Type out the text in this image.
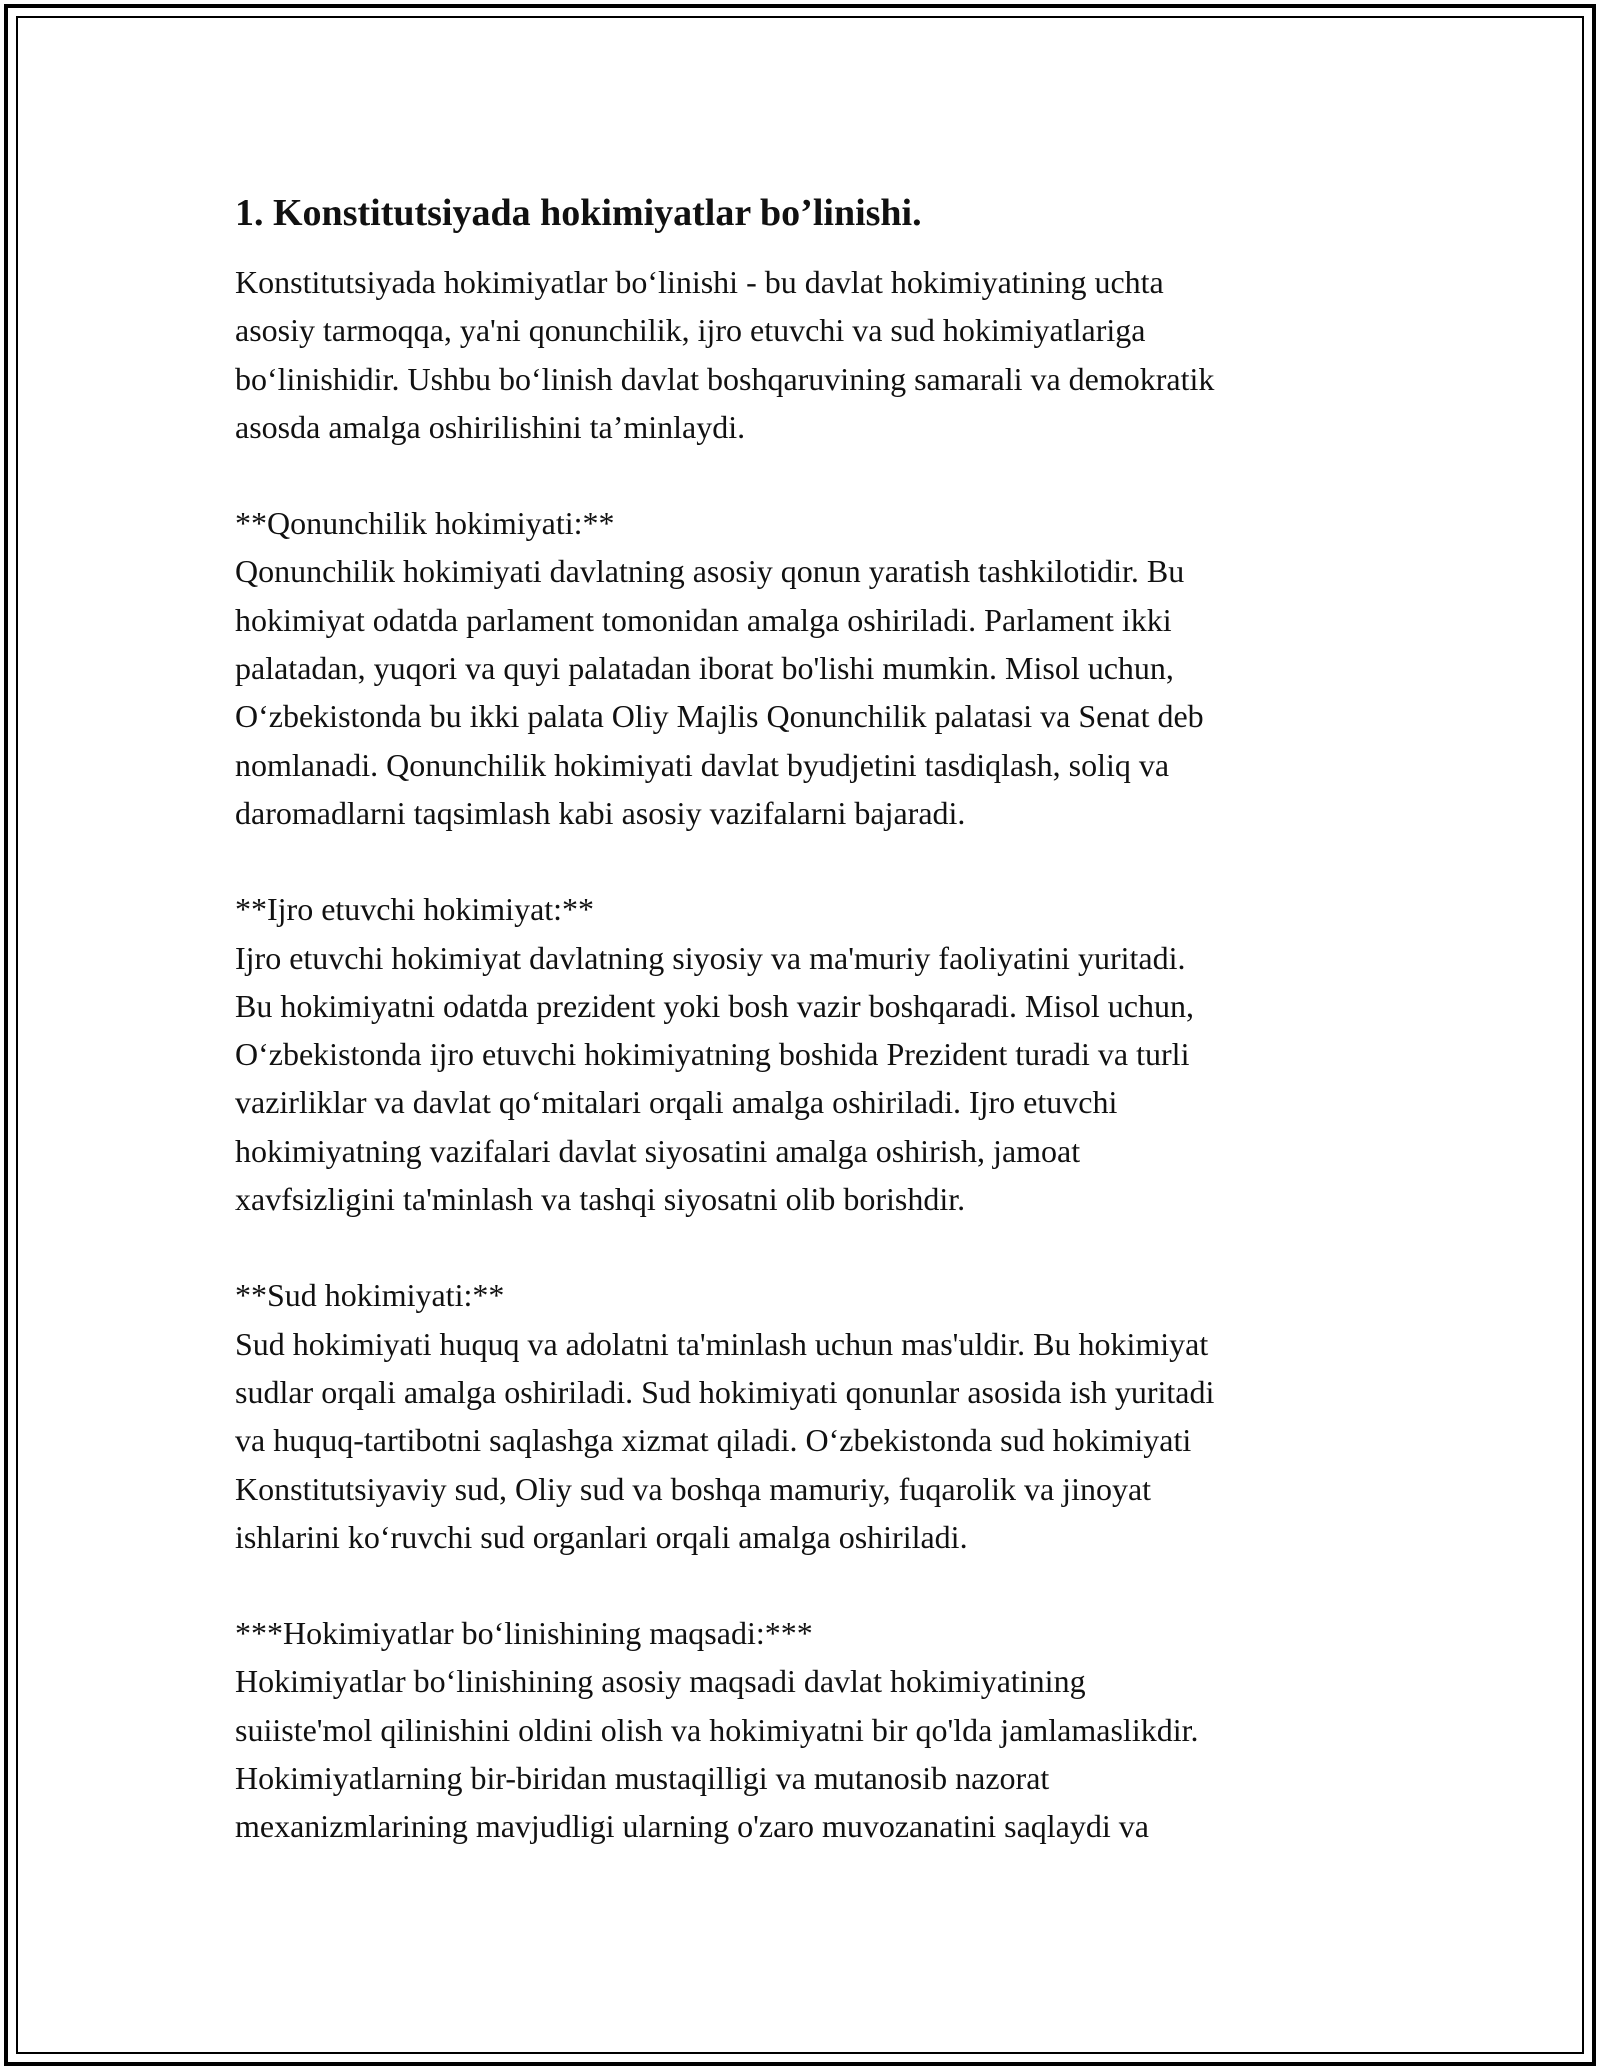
1. Konstitutsiyada hokimiyatlar bo’linishi.
Konstitutsiyada hokimiyatlar bo‘linishi - bu davlat hokimiyatining uchta
asosiy tarmoqqa, ya'ni qonunchilik, ijro etuvchi va sud hokimiyatlariga
bo‘linishidir. Ushbu bo‘linish davlat boshqaruvining samarali va demokratik
asosda amalga oshirilishini ta’minlaydi.
**Qonunchilik hokimiyati:**
Qonunchilik hokimiyati davlatning asosiy qonun yaratish tashkilotidir. Bu
hokimiyat odatda parlament tomonidan amalga oshiriladi. Parlament ikki
palatadan, yuqori va quyi palatadan iborat bo'lishi mumkin. Misol uchun,
O‘zbekistonda bu ikki palata Oliy Majlis Qonunchilik palatasi va Senat deb
nomlanadi. Qonunchilik hokimiyati davlat byudjetini tasdiqlash, soliq va
daromadlarni taqsimlash kabi asosiy vazifalarni bajaradi.
**Ijro etuvchi hokimiyat:**
Ijro etuvchi hokimiyat davlatning siyosiy va ma'muriy faoliyatini yuritadi.
Bu hokimiyatni odatda prezident yoki bosh vazir boshqaradi. Misol uchun,
O‘zbekistonda ijro etuvchi hokimiyatning boshida Prezident turadi va turli
vazirliklar va davlat qo‘mitalari orqali amalga oshiriladi. Ijro etuvchi
hokimiyatning vazifalari davlat siyosatini amalga oshirish, jamoat
xavfsizligini ta'minlash va tashqi siyosatni olib borishdir.
**Sud hokimiyati:**
Sud hokimiyati huquq va adolatni ta'minlash uchun mas'uldir. Bu hokimiyat
sudlar orqali amalga oshiriladi. Sud hokimiyati qonunlar asosida ish yuritadi
va huquq-tartibotni saqlashga xizmat qiladi. O‘zbekistonda sud hokimiyati
Konstitutsiyaviy sud, Oliy sud va boshqa mamuriy, fuqarolik va jinoyat
ishlarini ko‘ruvchi sud organlari orqali amalga oshiriladi.
***Hokimiyatlar bo‘linishining maqsadi:***
Hokimiyatlar bo‘linishining asosiy maqsadi davlat hokimiyatining
suiiste'mol qilinishini oldini olish va hokimiyatni bir qo'lda jamlamaslikdir.
Hokimiyatlarning bir-biridan mustaqilligi va mutanosib nazorat
mexanizmlarining mavjudligi ularning o'zaro muvozanatini saqlaydi va
